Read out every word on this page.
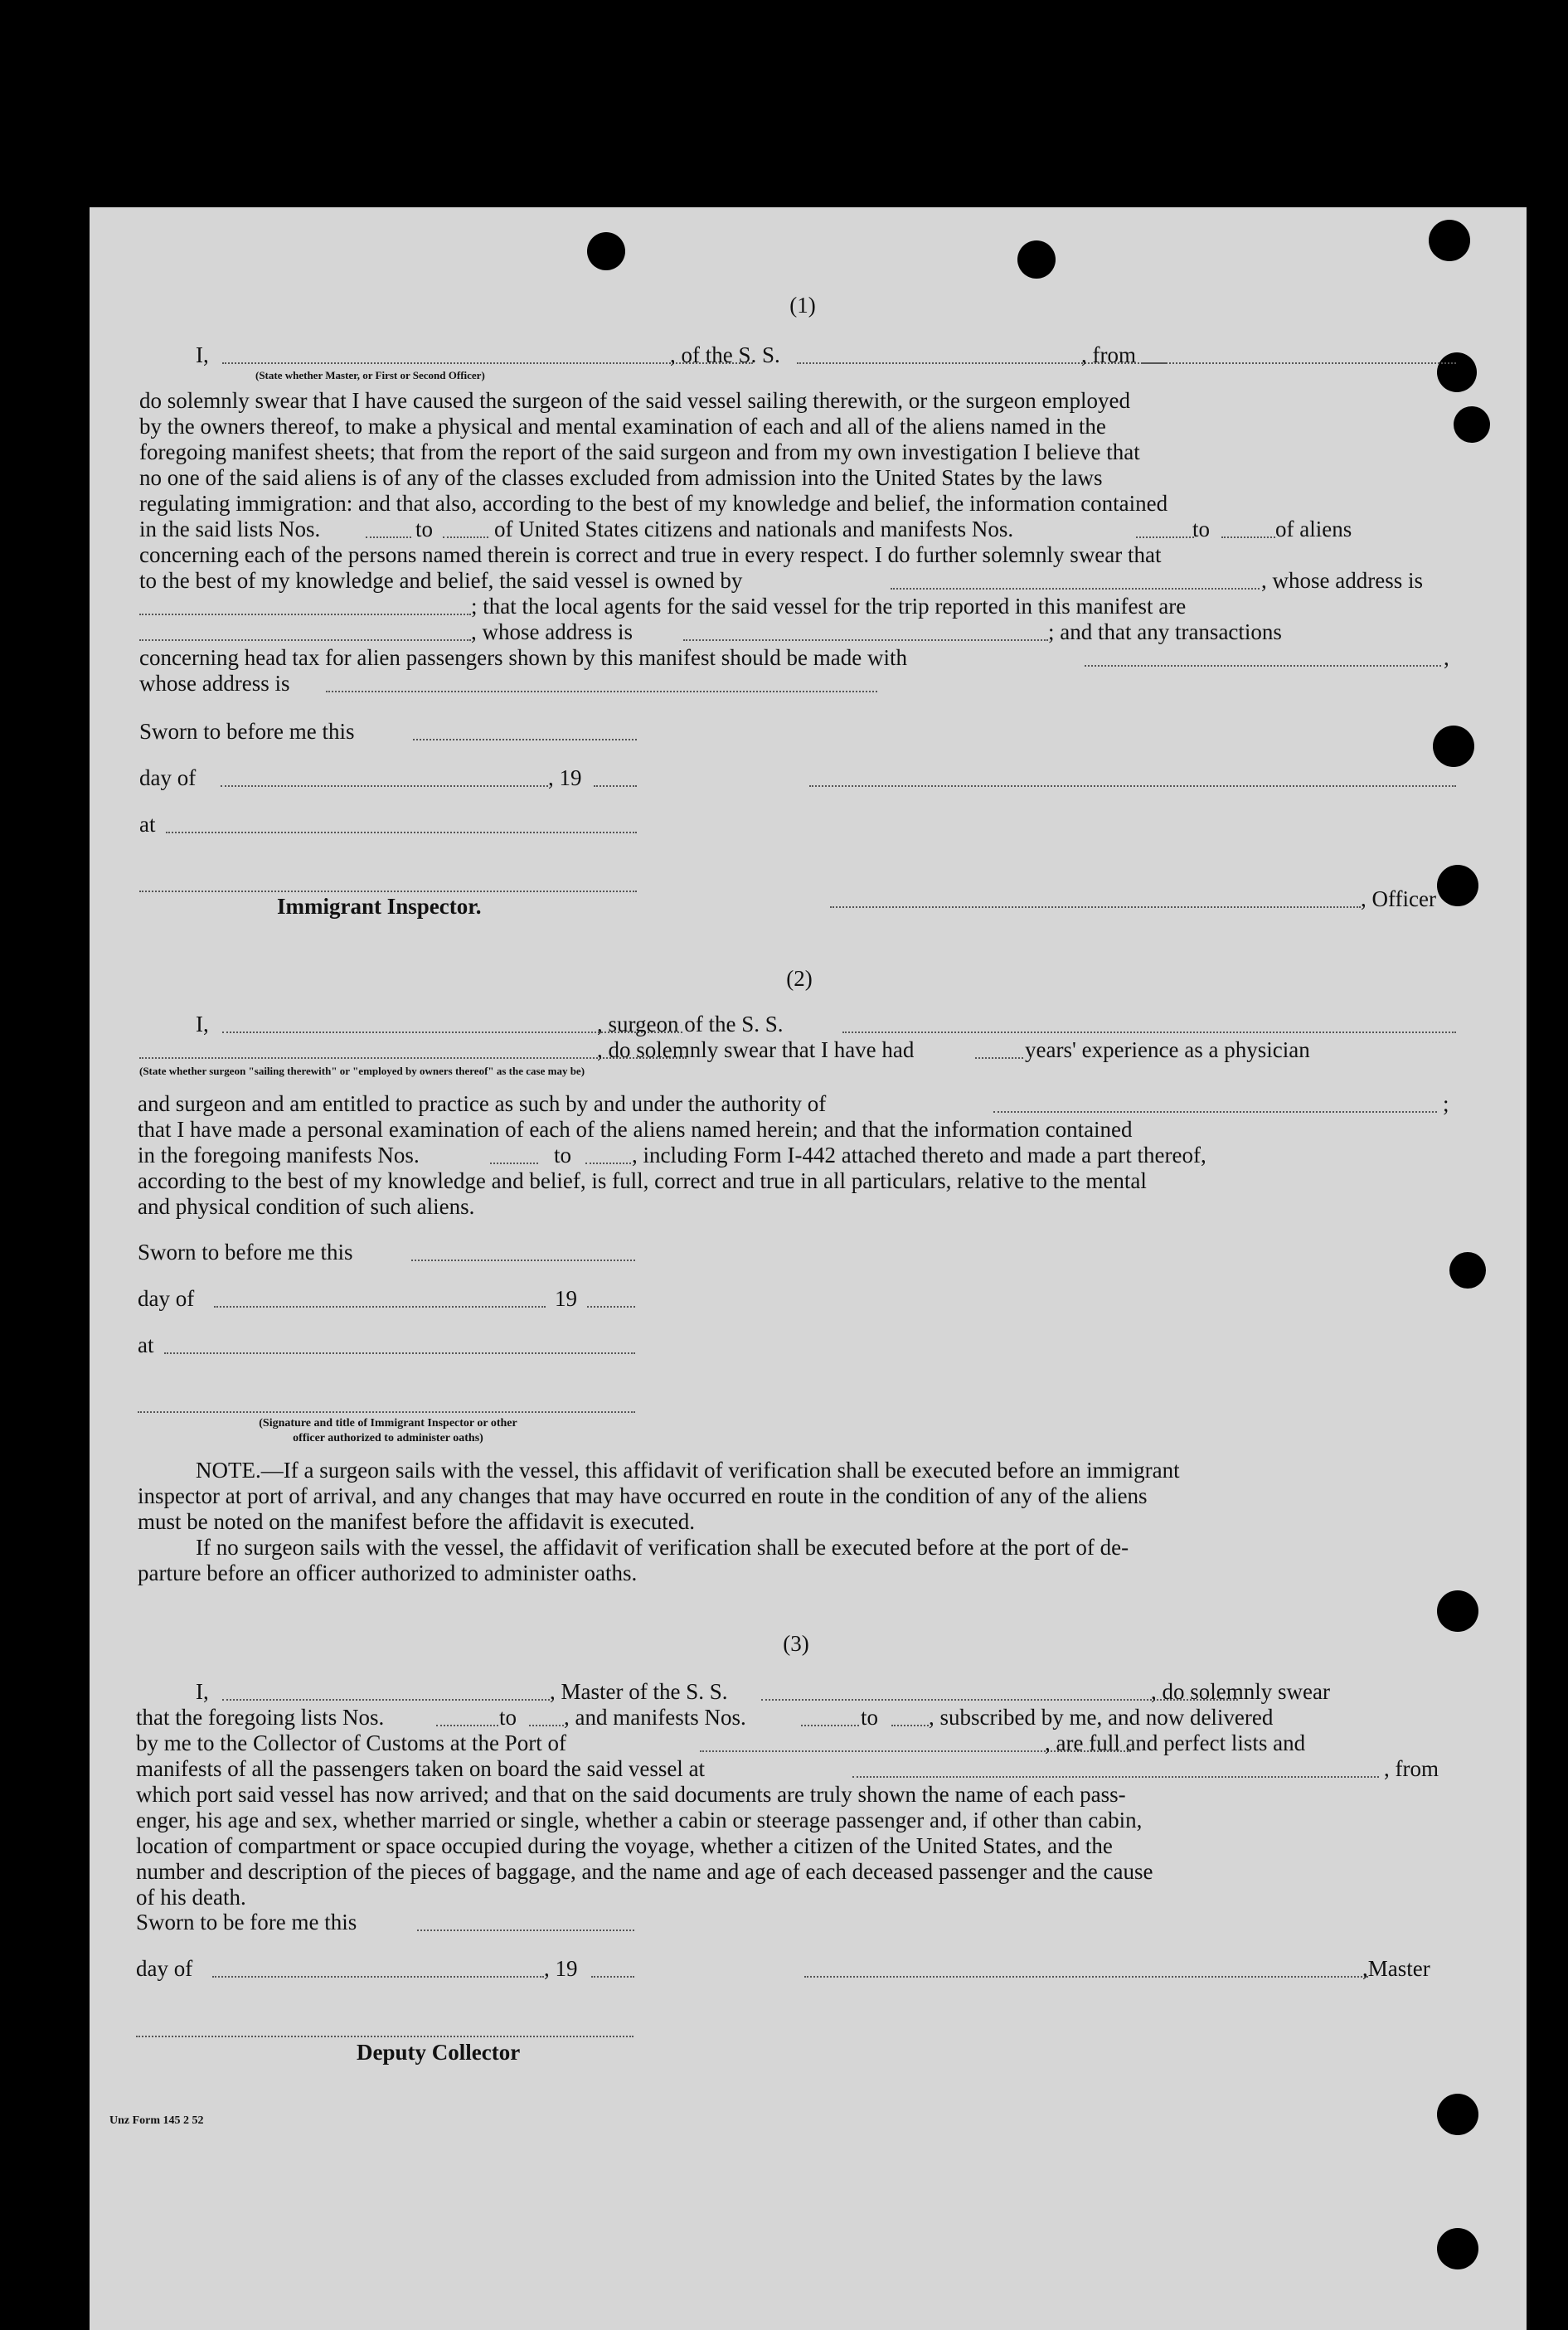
(1)
I,	, of the S. S.	, from
(State whether Master, or First or Second Officer)
do solemnly swear that I have caused the surgeon of the said vessel sailing therewith, or the surgeon employed
by the owners thereof, to make a physical and mental examination of each and all of the aliens named in the
foregoing manifest sheets; that from the report of the said surgeon and from my own investigation I believe that
no one of the said aliens is of any of the classes excluded from admission into the United States by the laws
regulating immigration: and that also, according to the best of my knowledge and belief, the information contained
in the said lists Nos.	to	of United States citizens and nationals and manifests Nos.	to	of aliens
concerning each of the persons named therein is correct and true in every respect. I do further solemnly swear that
to the best of my knowledge and belief, the said vessel is owned by	, whose address is
; that the local agents for the said vessel for the trip reported in this manifest are
, whose address is	; and that any transactions
concerning head tax for alien passengers shown by this manifest should be made with	,
whose address is
Sworn to before me this
day of	, 19
at
Immigrant Inspector.	, Officer
(2)
I,	, surgeon of the S. S.
, do solemnly swear that I have had	years' experience as a physician
(State whether surgeon "sailing therewith" or "employed by owners thereof" as the case may be)
and surgeon and am entitled to practice as such by and under the authority of	;
that I have made a personal examination of each of the aliens named herein; and that the information contained
in the foregoing manifests Nos.	to	, including Form I-442 attached thereto and made a part thereof,
according to the best of my knowledge and belief, is full, correct and true in all particulars, relative to the mental
and physical condition of such aliens.
Sworn to before me this
day of	19
at
(Signature and title of Immigrant Inspector or other
officer authorized to administer oaths)
NOTE.—If a surgeon sails with the vessel, this affidavit of verification shall be executed before an immigrant
inspector at port of arrival, and any changes that may have occurred en route in the condition of any of the aliens
must be noted on the manifest before the affidavit is executed.
If no surgeon sails with the vessel, the affidavit of verification shall be executed before at the port of de-
parture before an officer authorized to administer oaths.
(3)
I,	, Master of the S. S.	, do solemnly swear
that the foregoing lists Nos.	to , and manifests Nos.	to , subscribed by me, and now delivered
by me to the Collector of Customs at the Port of	, are full and perfect lists and
manifests of all the passengers taken on board the said vessel at	, from
which port said vessel has now arrived; and that on the said documents are truly shown the name of each pass-
enger, his age and sex, whether married or single, whether a cabin or steerage passenger and, if other than cabin,
location of compartment or space occupied during the voyage, whether a citizen of the United States, and the
number and description of the pieces of baggage, and the name and age of each deceased passenger and the cause
of his death.
Sworn to be fore me this
day of	, 19	,Master
Deputy Collector
Unz Form 145 2 52
